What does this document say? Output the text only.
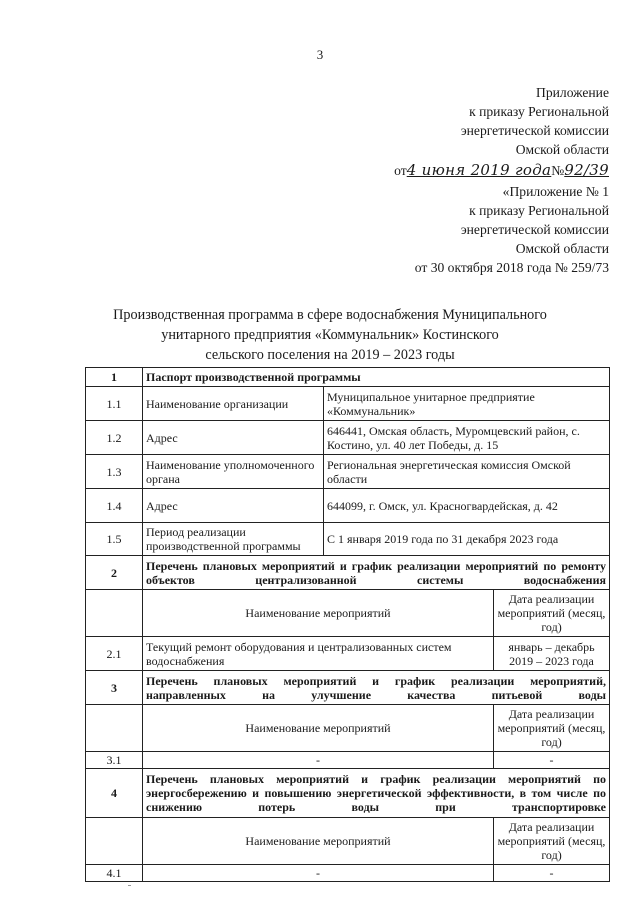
3
Приложение
к приказу Региональной
энергетической комиссии
Омской области
от4 июня 2019 года№92/39
«Приложение № 1
к приказу Региональной
энергетической комиссии
Омской области
от 30 октября 2018 года № 259/73
Производственная программа в сфере водоснабжения Муниципального
унитарного предприятия «Коммунальник» Костинского
сельского поселения на 2019 – 2023 годы
1	Паспорт производственной программы		
1.1	Наименование организации	Муниципальное унитарное предприятие «Коммунальник»	
1.2	Адрес	646441, Омская область, Муромцевский район, с. Костино, ул. 40 лет Победы, д. 15	
1.3	Наименование уполномоченного органа	Региональная энергетическая комиссия Омской области	
1.4	Адрес	644099, г. Омск, ул. Красногвардейская, д. 42	
1.5	Период реализации производственной программы	С 1 января 2019 года по 31 декабря 2023 года	
2	Перечень плановых мероприятий и график реализации мероприятий по ремонту объектов централизованной системы водоснабжения		
	Наименование мероприятий		Дата реализации мероприятий (месяц, год)
2.1	Текущий ремонт оборудования и централизованных систем водоснабжения		январь – декабрь 2019 – 2023 года
3	Перечень плановых мероприятий и график реализации мероприятий, направленных на улучшение качества питьевой воды		
	Наименование мероприятий		Дата реализации мероприятий (месяц, год)
3.1	-		-
4	Перечень плановых мероприятий и график реализации мероприятий по энергосбережению и повышению энергетической эффективности, в том числе по снижению потерь воды при транспортировке		
	Наименование мероприятий		Дата реализации мероприятий (месяц, год)
4.1	-		-
